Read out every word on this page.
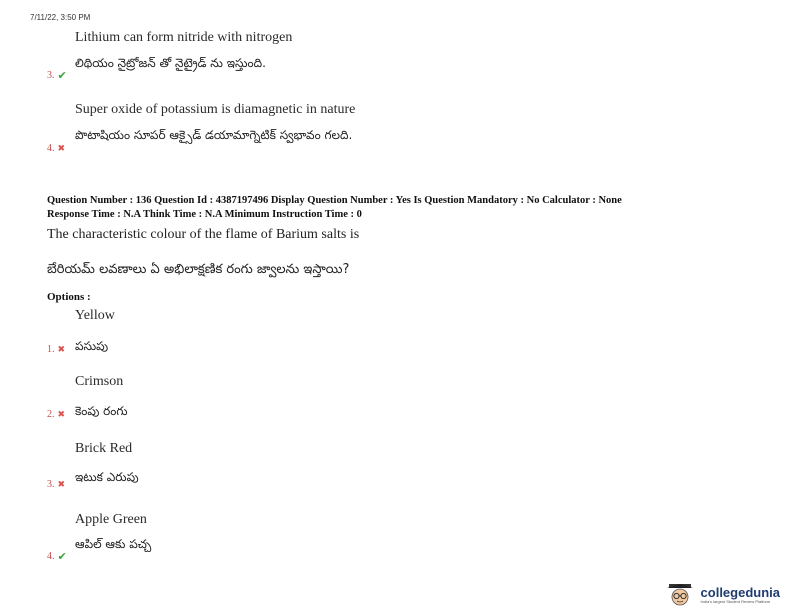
7/11/22, 3:50 PM
Lithium can form nitride with nitrogen
లిథియం నైట్రోజన్ తో నైట్రైడ్ ను ఇస్తుంది.
3. ✔
Super oxide of potassium is diamagnetic in nature
పొటాషియం సూపర్ ఆక్సైడ్ డయామాగ్నెటిక్ స్వభావం గలది.
4. ✖
Question Number : 136 Question Id : 4387197496 Display Question Number : Yes Is Question Mandatory : No Calculator : None
Response Time : N.A Think Time : N.A Minimum Instruction Time : 0
The characteristic colour of the flame of Barium salts is
బేరియమ్ లవణాలు ఏ అభిలాక్షణిక రంగు జ్వాలను ఇస్తాయి?
Options :
Yellow
1. ✖ పసుపు
Crimson
2. ✖ కెంపు రంగు
Brick Red
3. ✖
ఇటుక ఎరుపు
Apple Green
ఆపిల్ ఆకు పచ్చ
4. ✔
collegedunia
India's largest Student Review Platform
